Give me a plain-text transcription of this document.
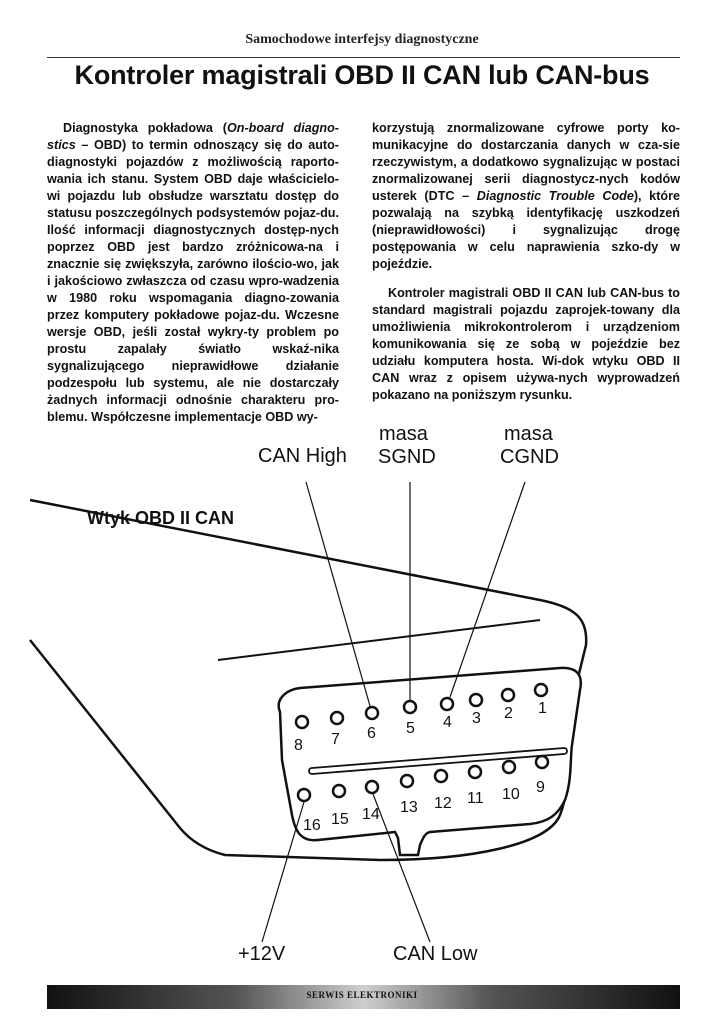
Samochodowe interfejsy diagnostyczne
Kontroler magistrali OBD II CAN lub CAN-bus

Diagnostyka pokładowa (On-board diagno-stics – OBD) to termin odnoszący się do auto-diagnostyki pojazdów z możliwością raporto-wania ich stanu. System OBD daje właścicielo-wi pojazdu lub obsłudze warsztatu dostęp do statusu poszczególnych podsystemów pojaz-du. Ilość informacji diagnostycznych dostęp-nych poprzez OBD jest bardzo zróżnicowa-na i znacznie się zwiększyła, zarówno ilościo-wo, jak i jakościowo zwłaszcza od czasu wpro-wadzenia w 1980 roku wspomagania diagno-zowania przez komputery pokładowe pojaz-du. Wczesne wersje OBD, jeśli został wykry-ty problem po prostu zapalały światło wskaź-nika sygnalizującego nieprawidłowe działanie podzespołu lub systemu, ale nie dostarczały żadnych informacji odnośnie charakteru pro-blemu. Współczesne implementacje OBD wy-

korzystują znormalizowane cyfrowe porty ko-munikacyjne do dostarczania danych w cza-sie rzeczywistym, a dodatkowo sygnalizując w postaci znormalizowanej serii diagnostycz-nych kodów usterek (DTC – Diagnostic Trouble Code), które pozwalają na szybką identyfikację uszkodzeń (nieprawidłowości) i sygnalizując drogę postępowania w celu naprawienia szko-dy w pojeździe.

Kontroler magistrali OBD II CAN lub CAN-bus to standard magistrali pojazdu zaprojek-towany dla umożliwienia mikrokontrolerom i urządzeniom komunikowania się ze sobą w pojeździe bez udziału komputera hosta. Wi-dok wtyku OBD II CAN wraz z opisem używa-nych wyprowadzeń pokazano na poniższym rysunku.

CAN High
masa
SGND
masa
CGND
Wtyk OBD II CAN
+12V	CAN Low
8 7 6 5 4 3 2 1
16 15 14 13 12 11 10 9
SERWIS ELEKTRONIKI
